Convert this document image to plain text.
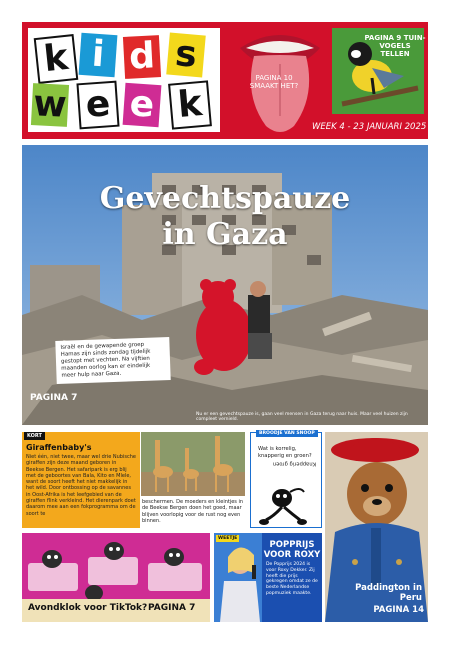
k i d s
w e e k
PAGINA 9 TUIN-VOGELS TELLEN
PAGINA 10 SMAAKT HET?
WEEK 4 - 23 JANUARI 2025
Gevechtspauze
in Gaza
Israël en de gewapende groep Hamas zijn sinds zondag tijdelijk gestopt met vechten. Na vijftien maanden oorlog kan er eindelijk meer hulp naar Gaza.
PAGINA 7
Nu er een gevechtspauze is, gaan veel mensen in Gaza terug naar huis. Maar veel huizen zijn compleet vernield.
KORT
Giraffenbaby's
Niet één, niet twee, maar wel drie Nubische giraffen zijn deze maand geboren in Beekse Bergen. Het safaripark is erg blij met de geboortes van Bala, Kito en Mlele, want de soort heeft het niet makkelijk in het wild. Door ontbossing op de savannes in Oost-Afrika is het leefgebied van de giraffen flink verkleind. Het dierenpark doet daarom mee aan een fokprogramma om de soort te
beschermen. De moeders en kleintjes in de Beekse Bergen doen het goed, maar blijven voorlopig voor de rust nog even binnen.
BROODJE VAN SNOOP
Wat is korrelig, knapperig en groen?
Knapperig groen
Paddington in Peru
PAGINA 14
Avondklok voor TikTok? PAGINA 7
WEETJE
POPPRIJS VOOR ROXY
De Popprijs 2024 is voor Roxy Dekker. Zij heeft die prijs gekregen omdat ze de beste Nederlandse popmuziek maakte.
